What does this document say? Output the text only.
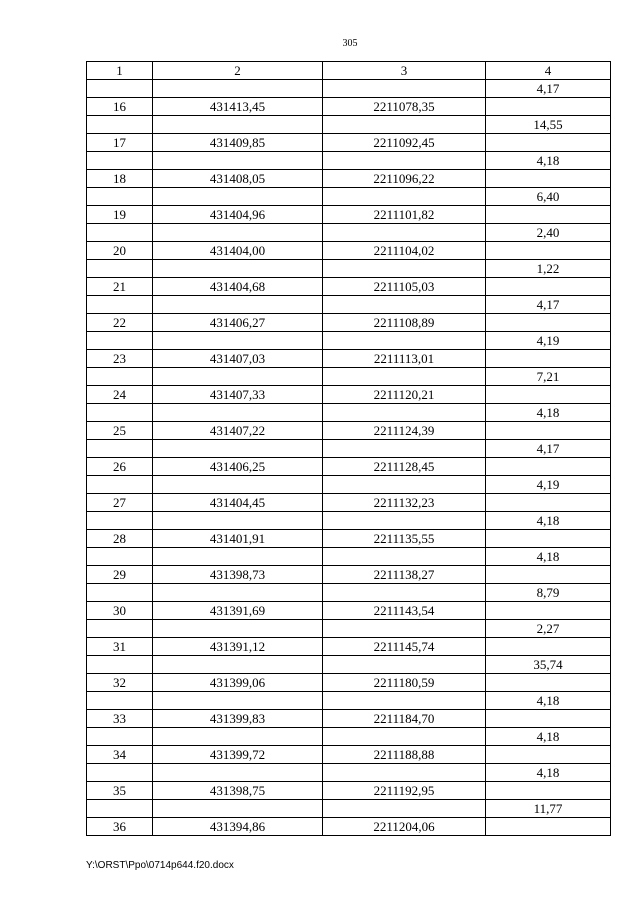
305
1	2	3	4
			4,17
16	431413,45	2211078,35	
			14,55
17	431409,85	2211092,45	
			4,18
18	431408,05	2211096,22	
			6,40
19	431404,96	2211101,82	
			2,40
20	431404,00	2211104,02	
			1,22
21	431404,68	2211105,03	
			4,17
22	431406,27	2211108,89	
			4,19
23	431407,03	2211113,01	
			7,21
24	431407,33	2211120,21	
			4,18
25	431407,22	2211124,39	
			4,17
26	431406,25	2211128,45	
			4,19
27	431404,45	2211132,23	
			4,18
28	431401,91	2211135,55	
			4,18
29	431398,73	2211138,27	
			8,79
30	431391,69	2211143,54	
			2,27
31	431391,12	2211145,74	
			35,74
32	431399,06	2211180,59	
			4,18
33	431399,83	2211184,70	
			4,18
34	431399,72	2211188,88	
			4,18
35	431398,75	2211192,95	
			11,77
36	431394,86	2211204,06	
Y:\ORST\Ppo\0714p644.f20.docx
